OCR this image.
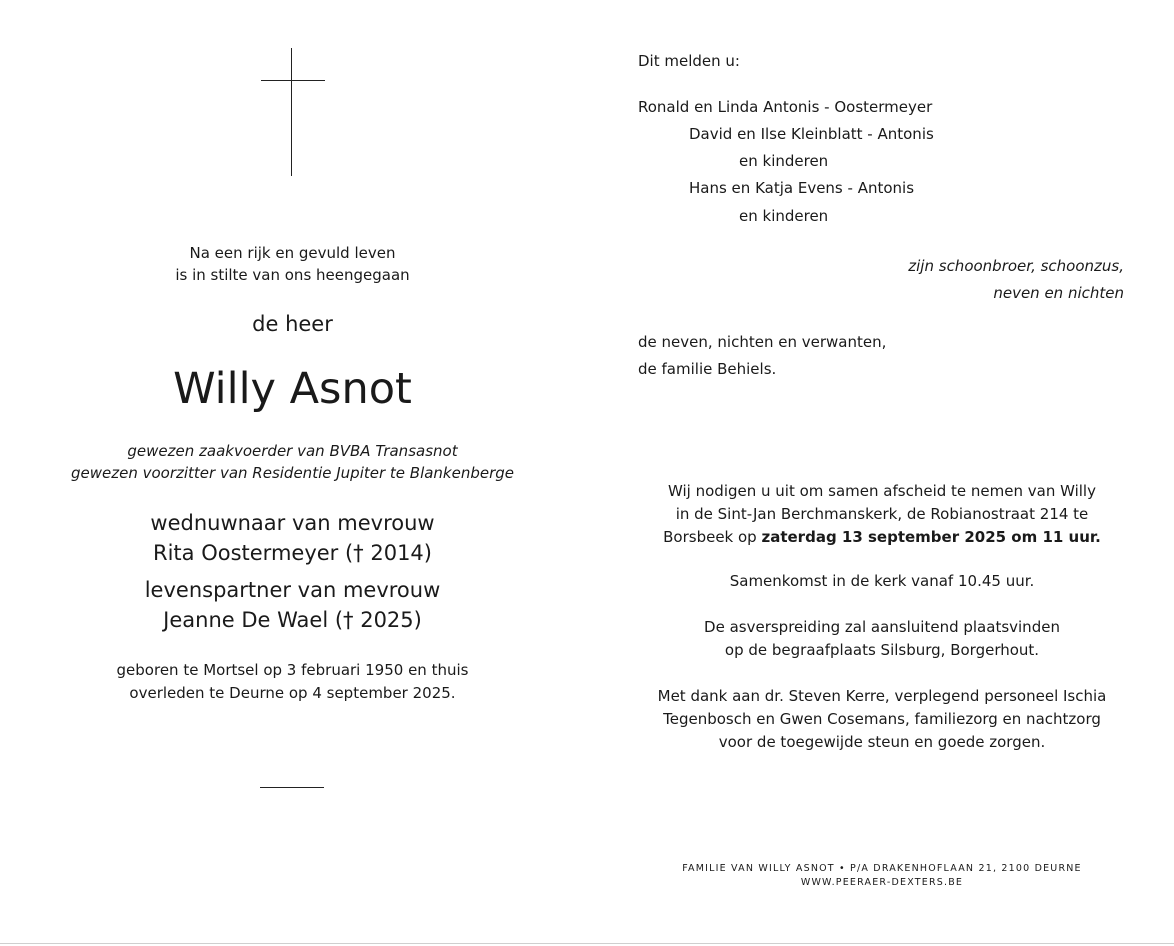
Na een rijk en gevuld leven

is in stilte van ons heengegaan

de heer
Willy Asnot

gewezen zaakvoerder van BVBA Transasnot

gewezen voorzitter van Residentie Jupiter te Blankenberge

wednuwnaar van mevrouw

Rita Oostermeyer († 2014)

levenspartner van mevrouw

Jeanne De Wael († 2025)

geboren te Mortsel op 3 februari 1950 en thuis

overleden te Deurne op 4 september 2025.

Dit melden u:
Ronald en Linda Antonis - Oostermeyer
David en Ilse Kleinblatt - Antonis
en kinderen
Hans en Katja Evens - Antonis
en kinderen

zijn schoonbroer, schoonzus,

neven en nichten

de neven, nichten en verwanten,

de familie Behiels.

Wij nodigen u uit om samen afscheid te nemen van Willy

in de Sint-Jan Berchmanskerk, de Robianostraat 214 te

Borsbeek op zaterdag 13 september 2025 om 11 uur.

Samenkomst in de kerk vanaf 10.45 uur.

De asverspreiding zal aansluitend plaatsvinden

op de begraafplaats Silsburg, Borgerhout.

Met dank aan dr. Steven Kerre, verplegend personeel Ischia

Tegenbosch en Gwen Cosemans, familiezorg en nachtzorg

voor de toegewijde steun en goede zorgen.

FAMILIE VAN WILLY ASNOT • P/A DRAKENHOFLAAN 21, 2100 DEURNE

WWW.PEERAER-DEXTERS.BE
